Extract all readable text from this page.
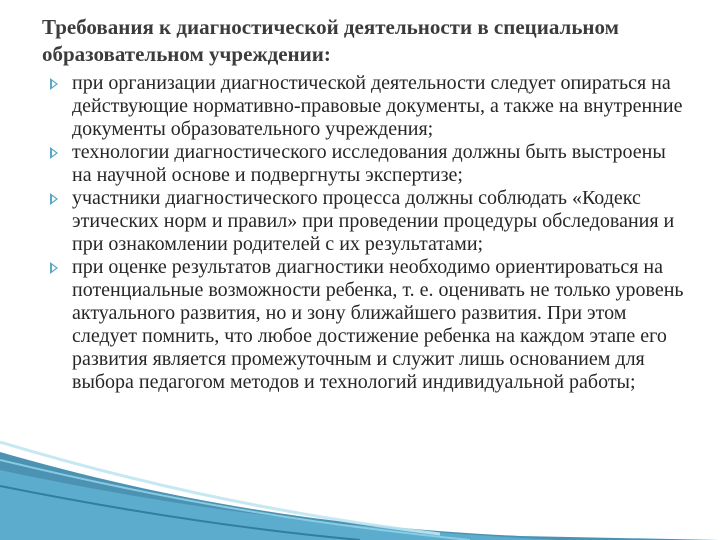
Требования к диагностической деятельности в специальном образовательном учреждении:
при организации диагностической деятельности следует опираться на действующие нормативно-правовые документы, а также на внутренние документы образовательного учреждения;
технологии диагностического исследования должны быть выстроены на научной основе и подвергнуты экспертизе;
участники диагностического процесса должны соблюдать «Кодекс этических норм и правил» при проведении процедуры обследования и при ознакомлении родителей с их результатами;
при оценке результатов диагностики необходимо ориентироваться на потенциальные возможности ребенка, т. е. оценивать не только уровень актуального развития, но и зону ближайшего развития. При этом следует помнить, что любое достижение ребенка на каждом этапе его развития является промежуточным и служит лишь основанием для выбора педагогом методов и технологий индивидуальной работы;
